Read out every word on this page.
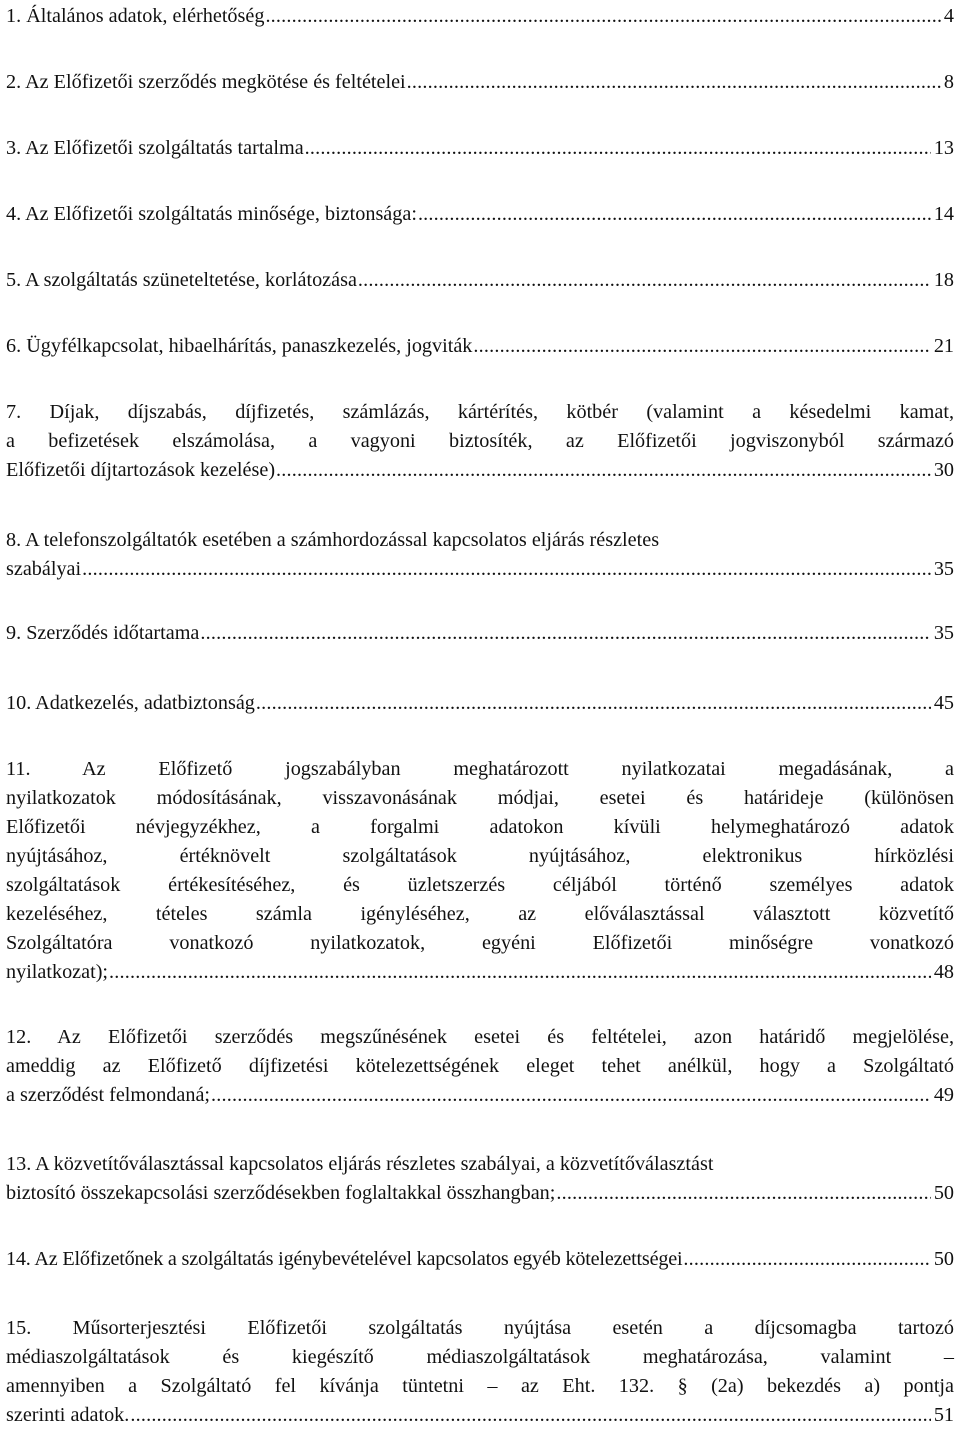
1. Általános adatok, elérhetőség .....	4
2. Az Előfizetői szerződés megkötése és feltételei .....	8
3. Az Előfizetői szolgáltatás tartalma .....	13
4. Az Előfizetői szolgáltatás minősége, biztonsága: .....	14
5. A szolgáltatás szüneteltetése, korlátozása .....	18
6. Ügyfélkapcsolat, hibaelhárítás, panaszkezelés, jogviták .....	21
7. Díjak, díjszabás, díjfizetés, számlázás, kártérítés, kötbér (valamint a késedelmi kamat,
a befizetések elszámolása, a vagyoni biztosíték, az Előfizetői jogviszonyból származó
Előfizetői díjtartozások kezelése) .....	30
8. A telefonszolgáltatók esetében a számhordozással kapcsolatos eljárás részletes
szabályai .....	35
9. Szerződés időtartama .....	35
10. Adatkezelés, adatbiztonság .....	45
11. Az Előfizető jogszabályban meghatározott nyilatkozatai megadásának, a
nyilatkozatok módosításának, visszavonásának módjai, esetei és határideje (különösen
Előfizetői névjegyzékhez, a forgalmi adatokon kívüli helymeghatározó adatok
nyújtásához, értéknövelt szolgáltatások nyújtásához, elektronikus hírközlési
szolgáltatások értékesítéséhez, és üzletszerzés céljából történő személyes adatok
kezeléséhez, tételes számla igényléséhez, az előválasztással választott közvetítő
Szolgáltatóra vonatkozó nyilatkozatok, egyéni Előfizetői minőségre vonatkozó
nyilatkozat); .....	48
12. Az Előfizetői szerződés megszűnésének esetei és feltételei, azon határidő megjelölése,
ameddig az Előfizető díjfizetési kötelezettségének eleget tehet anélkül, hogy a Szolgáltató
a szerződést felmondaná; .....	49
13. A közvetítőválasztással kapcsolatos eljárás részletes szabályai, a közvetítőválasztást
biztosító összekapcsolási szerződésekben foglaltakkal összhangban; .....	50
14. Az Előfizetőnek a szolgáltatás igénybevételével kapcsolatos egyéb kötelezettségei .....	50
15. Műsorterjesztési Előfizetői szolgáltatás nyújtása esetén a díjcsomagba tartozó
médiaszolgáltatások és kiegészítő médiaszolgáltatások meghatározása, valamint –
amennyiben a Szolgáltató fel kívánja tüntetni – az Eht. 132. § (2a) bekezdés a) pontja
szerinti adatok. .....	51
